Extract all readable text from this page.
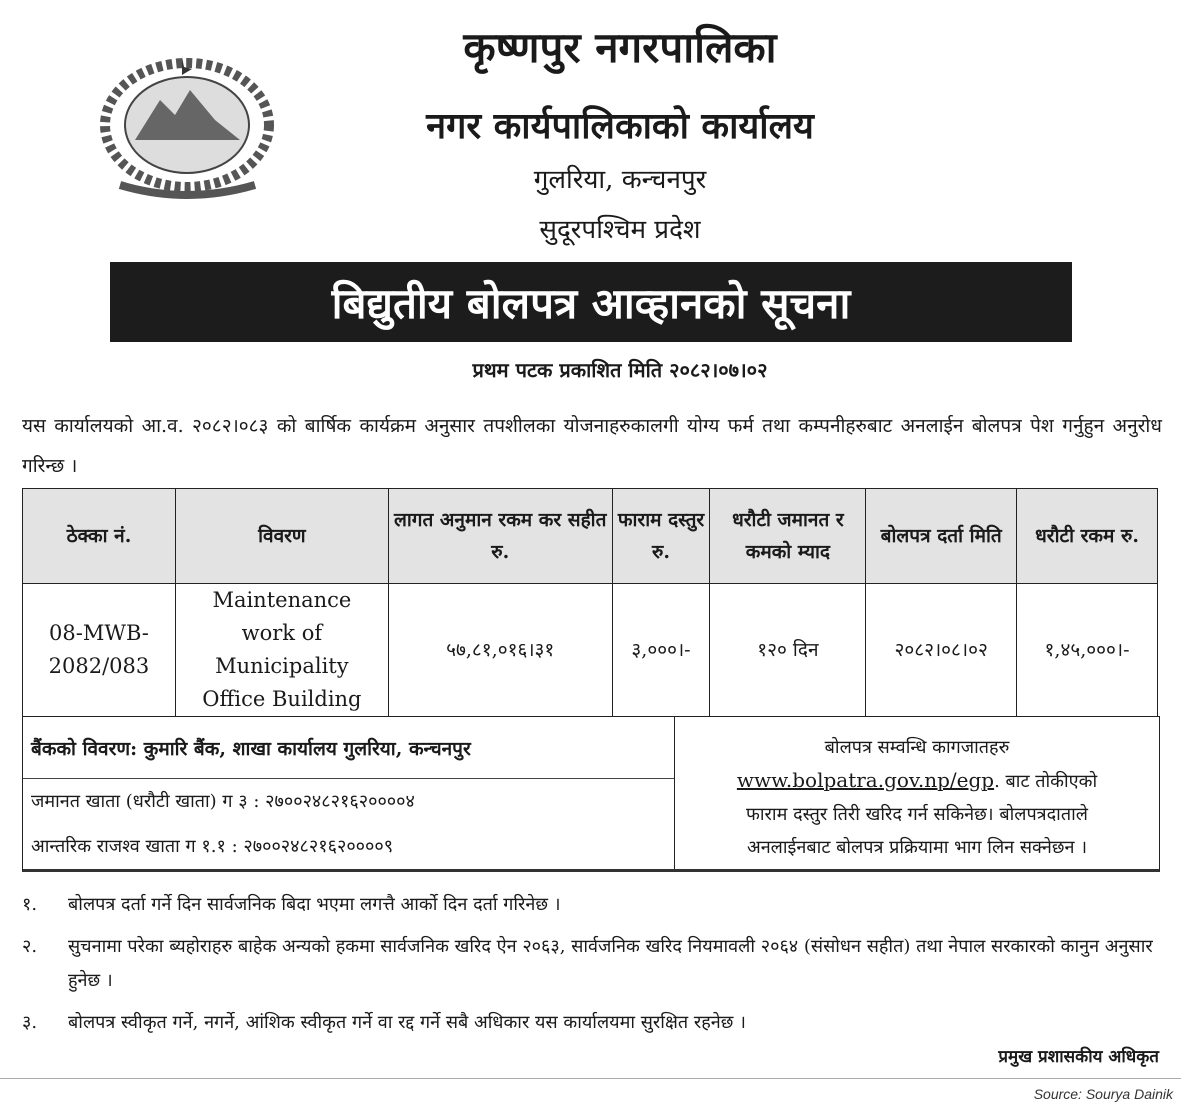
कृष्णपुर नगरपालिका
नगर कार्यपालिकाको कार्यालय
गुलरिया, कन्चनपुर
सुदूरपश्चिम प्रदेश
बिद्युतीय बोलपत्र आव्हानको सूचना
प्रथम पटक प्रकाशित मिति २०८२।०७।०२
यस कार्यालयको आ.व. २०८२।०८३ को बार्षिक कार्यक्रम अनुसार तपशीलका योजनाहरुकालगी योग्य फर्म तथा कम्पनीहरुबाट अनलाईन बोलपत्र पेश गर्नुहुन अनुरोध गरिन्छ ।
ठेक्का नं.	विवरण	लागत अनुमान रकम कर सहीत रु.	फाराम दस्तुर रु.	धरौटी जमानत र कमको म्याद	बोलपत्र दर्ता मिति	धरौटी रकम रु.
08-MWB-2082/083	Maintenance work of Municipality Office Building	५७,८१,०१६।३१	३,०००।-	१२० दिन	२०८२।०८।०२	१,४५,०००।-
बैंकको विवरण: कुमारि बैंक, शाखा कार्यालय गुलरिया, कन्चनपुर
जमानत खाता (धरौटी खाता) ग ३ : २७००२४८२१६२००००४
आन्तरिक राजश्व खाता ग १.१ : २७००२४८२१६२००००९
बोलपत्र सम्वन्धि कागजातहरु
www.bolpatra.gov.np/egp. बाट तोकीएको
फाराम दस्तुर तिरी खरिद गर्न सकिनेछ। बोलपत्रदाताले
अनलाईनबाट बोलपत्र प्रक्रियामा भाग लिन सक्नेछन ।
१.	बोलपत्र दर्ता गर्ने दिन सार्वजनिक बिदा भएमा लगत्तै आर्को दिन दर्ता गरिनेछ ।
२.	सुचनामा परेका ब्यहोराहरु बाहेक अन्यको हकमा सार्वजनिक खरिद ऐन २०६३, सार्वजनिक खरिद नियमावली २०६४ (संसोधन सहीत) तथा नेपाल सरकारको कानुन अनुसार हुनेछ ।
३.	बोलपत्र स्वीकृत गर्ने, नगर्ने, आंशिक स्वीकृत गर्ने वा रद्द गर्ने सबै अधिकार यस कार्यालयमा सुरक्षित रहनेछ ।
प्रमुख प्रशासकीय अधिकृत
Source: Sourya Dainik
